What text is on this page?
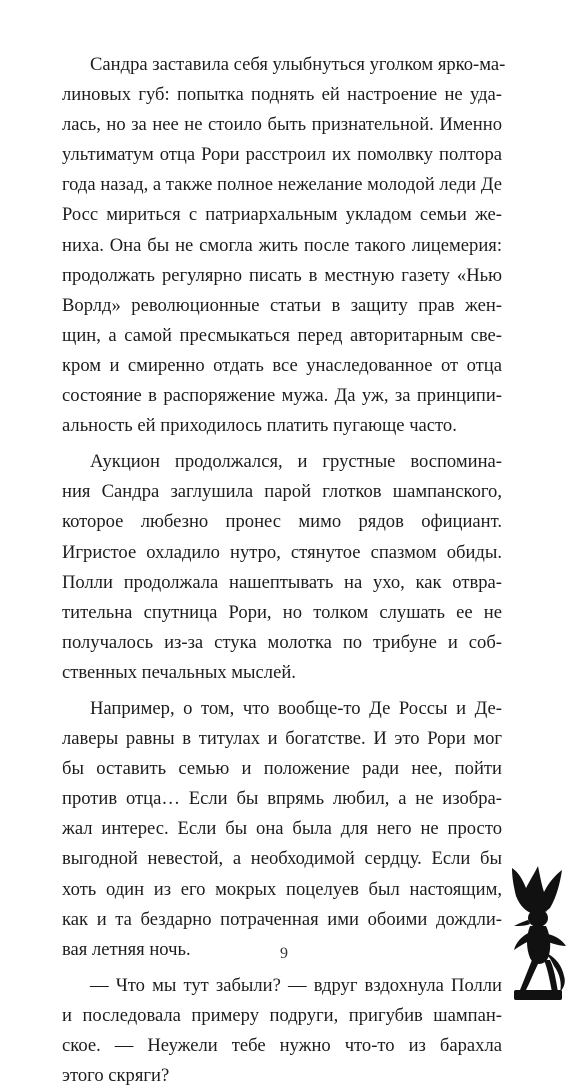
Сандра заставила себя улыбнуться уголком ярко-ма-
линовых губ: попытка поднять ей настроение не уда-
лась, но за нее не стоило быть признательной. Именно
ультиматум отца Рори расстроил их помолвку полтора
года назад, а также полное нежелание молодой леди Де
Росс мириться с патриархальным укладом семьи же-
ниха. Она бы не смогла жить после такого лицемерия:
продолжать регулярно писать в местную газету «Нью
Ворлд» революционные статьи в защиту прав жен-
щин, а самой пресмыкаться перед авторитарным све-
кром и смиренно отдать все унаследованное от отца
состояние в распоряжение мужа. Да уж, за принципи-
альность ей приходилось платить пугающе часто.
Аукцион продолжался, и грустные воспомина-
ния Сандра заглушила парой глотков шампанского,
которое любезно пронес мимо рядов официант.
Игристое охладило нутро, стянутое спазмом обиды.
Полли продолжала нашептывать на ухо, как отвра-
тительна спутница Рори, но толком слушать ее не
получалось из-за стука молотка по трибуне и соб-
ственных печальных мыслей.
Например, о том, что вообще-то Де Россы и Де-
лаверы равны в титулах и богатстве. И это Рори мог
бы оставить семью и положение ради нее, пойти
против отца… Если бы впрямь любил, а не изобра-
жал интерес. Если бы она была для него не просто
выгодной невестой, а необходимой сердцу. Если бы
хоть один из его мокрых поцелуев был настоящим,
как и та бездарно потраченная ими обоими дождли-
вая летняя ночь.
— Что мы тут забыли? — вдруг вздохнула Полли
и последовала примеру подруги, пригубив шампан-
ское. — Неужели тебе нужно что-то из барахла
этого скряги?
9
